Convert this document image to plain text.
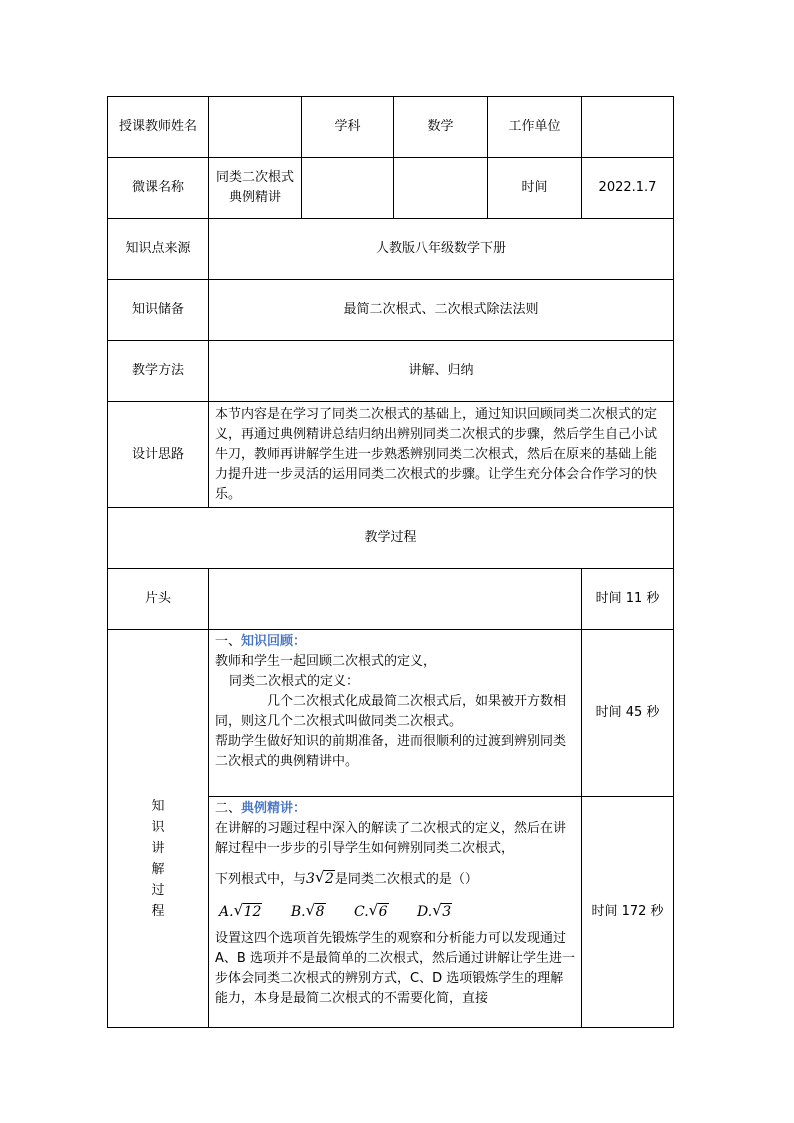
授课教师姓名		学科	数学	工作单位	
微课名称	同类二次根式典例精讲			时间	2022.1.7
知识点来源	人教版八年级数学下册				
知识储备	最简二次根式、二次根式除法法则				
教学方法	讲解、归纳				
设计思路	本节内容是在学习了同类二次根式的基础上，通过知识回顾同类二次根式的定义，再通过典例精讲总结归纳出辨别同类二次根式的步骤，然后学生自己小试牛刀，教师再讲解学生进一步熟悉辨别同类二次根式，然后在原来的基础上能力提升进一步灵活的运用同类二次根式的步骤。让学生充分体会合作学习的快乐。				
教学过程					
片头					时间 11 秒

知识讲解过程	一、知识回顾：
教师和学生一起回顾二次根式的定义，
同类二次根式的定义：
几个二次根式化成最简二次根式后，如果被开方数相同，则这几个二次根式叫做同类二次根式。
帮助学生做好知识的前期准备，进而很顺利的过渡到辨别同类二次根式的典例精讲中。				时间 45 秒

	二、典例精讲：
在讲解的习题过程中深入的解读了二次根式的定义，然后在讲解过程中一步步的引导学生如何辨别同类二次根式，
下列根式中，与3 √ 2是同类二次根式的是（）
A. √ 12 B. √ 8 C. √ 6 D. √ 3
设置这四个选项首先锻炼学生的观察和分析能力可以发现通过 A、B 选项并不是最简单的二次根式，然后通过讲解让学生进一步体会同类二次根式的辨别方式，C、D 选项锻炼学生的理解能力，本身是最简二次根式的不需要化简，直接				时间 172 秒
